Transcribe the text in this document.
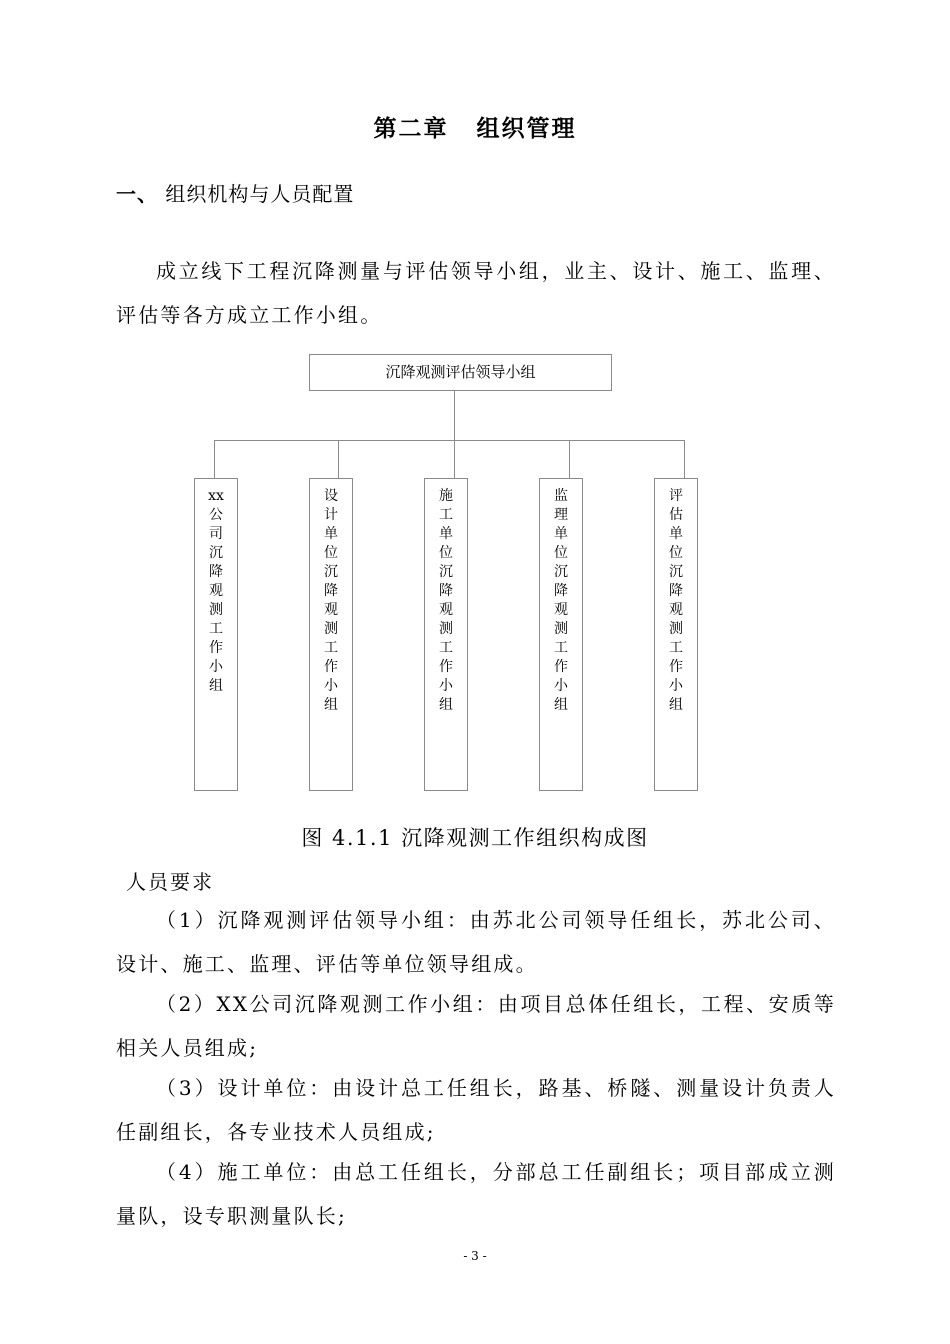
第二章 组织管理
一、 组织机构与人员配置
成立线下工程沉降测量与评估领导小组，业主、设计、施工、监理、评估等各方成立工作小组。
沉降观测评估领导小组
xx公司沉降观测工作小组
设计单位沉降观测工作小组
施工单位沉降观测工作小组
监理单位沉降观测工作小组
评估单位沉降观测工作小组
图 4.1.1 沉降观测工作组织构成图
人员要求
（1）沉降观测评估领导小组：由苏北公司领导任组长，苏北公司、设计、施工、监理、评估等单位领导组成。
（2）XX公司沉降观测工作小组：由项目总体任组长，工程、安质等相关人员组成;
（3）设计单位：由设计总工任组长，路基、桥隧、测量设计负责人任副组长，各专业技术人员组成;
（4）施工单位：由总工任组长，分部总工任副组长；项目部成立测量队，设专职测量队长;
- 3 -
